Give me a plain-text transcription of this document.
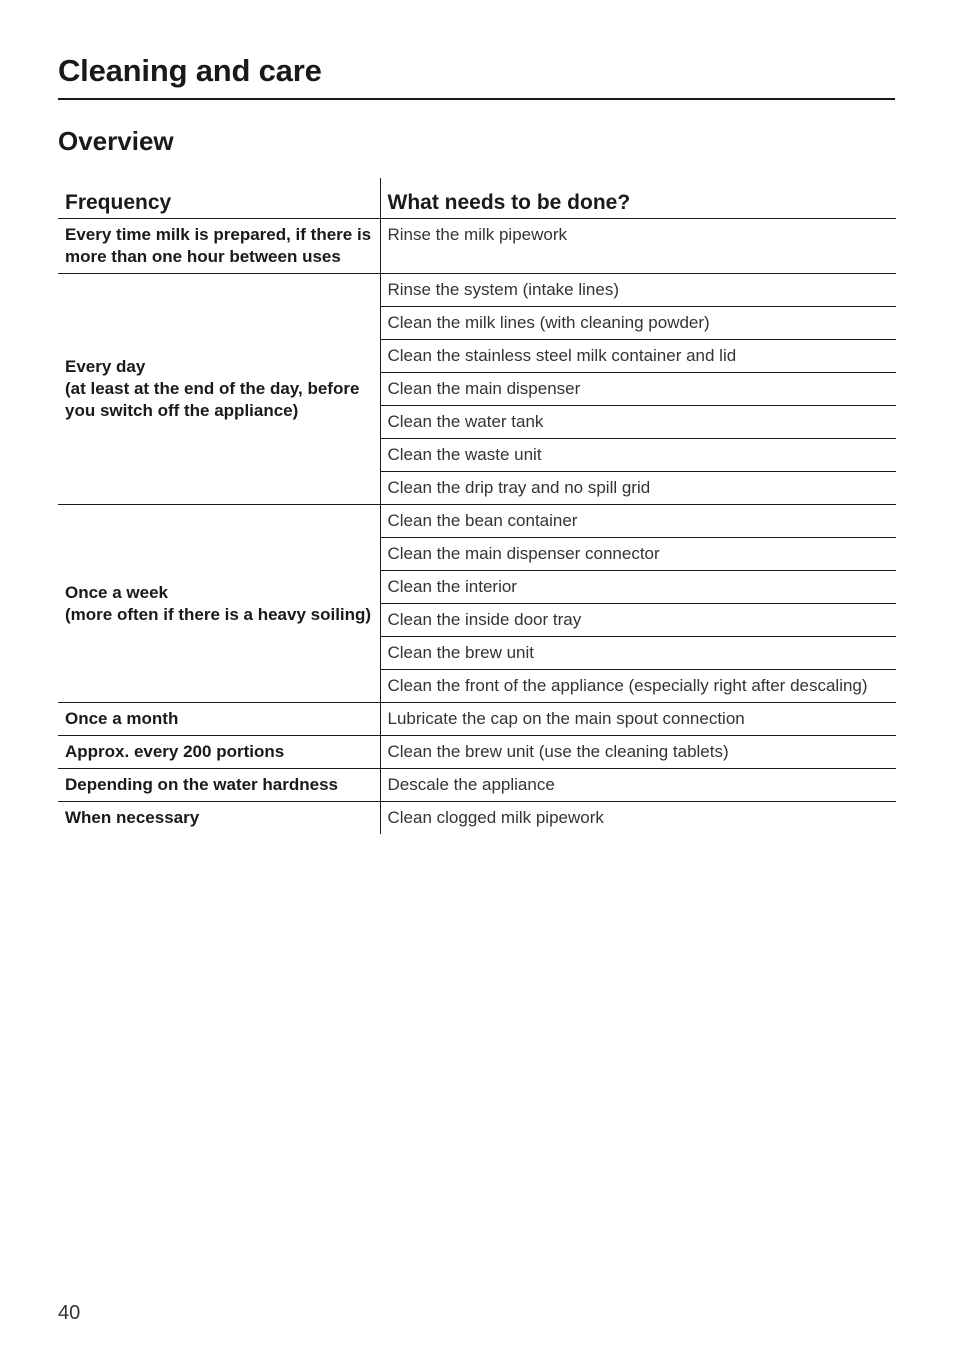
Cleaning and care
Overview
Frequency	What needs to be done?

Every time milk is prepared, if there is more than one hour between uses	Rinse the milk pipework

Every day
(at least at the end of the day, before you switch off the appliance)	Rinse the system (intake lines)
	Clean the milk lines (with cleaning powder)
	Clean the stainless steel milk container and lid
	Clean the main dispenser
	Clean the water tank
	Clean the waste unit
	Clean the drip tray and no spill grid

Once a week
(more often if there is a heavy soiling)	Clean the bean container
	Clean the main dispenser connector
	Clean the interior
	Clean the inside door tray
	Clean the brew unit
	Clean the front of the appliance (especially right after descaling)

Once a month	Lubricate the cap on the main spout connection

Approx. every 200 portions	Clean the brew unit (use the cleaning tablets)

Depending on the water hardness	Descale the appliance

When necessary	Clean clogged milk pipework
40
